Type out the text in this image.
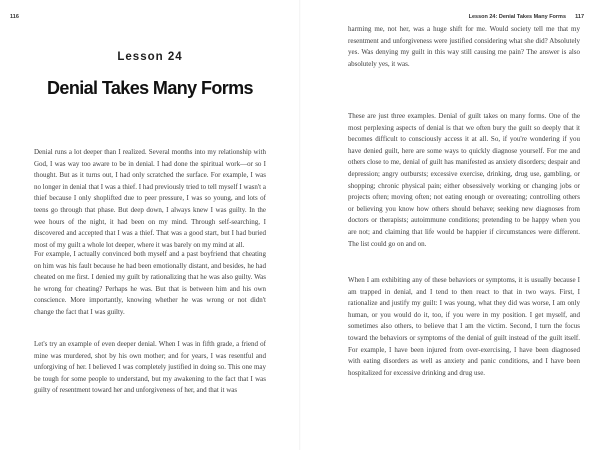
116
Lesson 24
Denial Takes Many Forms

Denial runs a lot deeper than I realized. Several months into my relationship with God, I was way too aware to be in denial. I had done the spiritual work—or so I thought. But as it turns out, I had only scratched the surface. For example, I was no longer in denial that I was a thief. I had previously tried to tell myself I wasn't a thief because I only shoplifted due to peer pressure, I was so young, and lots of teens go through that phase. But deep down, I always knew I was guilty. In the wee hours of the night, it had been on my mind. Through self-searching, I discovered and accepted that I was a thief. That was a good start, but I had buried most of my guilt a whole lot deeper, where it was barely on my mind at all.

For example, I actually convinced both myself and a past boyfriend that cheating on him was his fault because he had been emotionally distant, and besides, he had cheated on me first. I denied my guilt by rationalizing that he was also guilty. Was he wrong for cheating? Perhaps he was. But that is between him and his own conscience. More importantly, knowing whether he was wrong or not didn't change the fact that I was guilty.

Let's try an example of even deeper denial. When I was in fifth grade, a friend of mine was murdered, shot by his own mother; and for years, I was resentful and unforgiving of her. I believed I was completely justified in doing so. This one may be tough for some people to understand, but my awakening to the fact that I was guilty of resentment toward her and unforgiveness of her, and that it was

Lesson 24: Denial Takes Many Forms 117

harming me, not her, was a huge shift for me. Would society tell me that my resentment and unforgiveness were justified considering what she did? Absolutely yes. Was denying my guilt in this way still causing me pain? The answer is also absolutely yes, it was.

These are just three examples. Denial of guilt takes on many forms. One of the most perplexing aspects of denial is that we often bury the guilt so deeply that it becomes difficult to consciously access it at all. So, if you're wondering if you have denied guilt, here are some ways to quickly diagnose yourself. For me and others close to me, denial of guilt has manifested as anxiety disorders; despair and depression; angry outbursts; excessive exercise, drinking, drug use, gambling, or shopping; chronic physical pain; either obsessively working or changing jobs or projects often; moving often; not eating enough or overeating; controlling others or believing you know how others should behave; seeking new diagnoses from doctors or therapists; autoimmune conditions; pretending to be happy when you are not; and claiming that life would be happier if circumstances were different. The list could go on and on.

When I am exhibiting any of these behaviors or symptoms, it is usually because I am trapped in denial, and I tend to then react to that in two ways. First, I rationalize and justify my guilt: I was young, what they did was worse, I am only human, or you would do it, too, if you were in my position. I get myself, and sometimes also others, to believe that I am the victim. Second, I turn the focus toward the behaviors or symptoms of the denial of guilt instead of the guilt itself. For example, I have been injured from over-exercising, I have been diagnosed with eating disorders as well as anxiety and panic conditions, and I have been hospitalized for excessive drinking and drug use.
